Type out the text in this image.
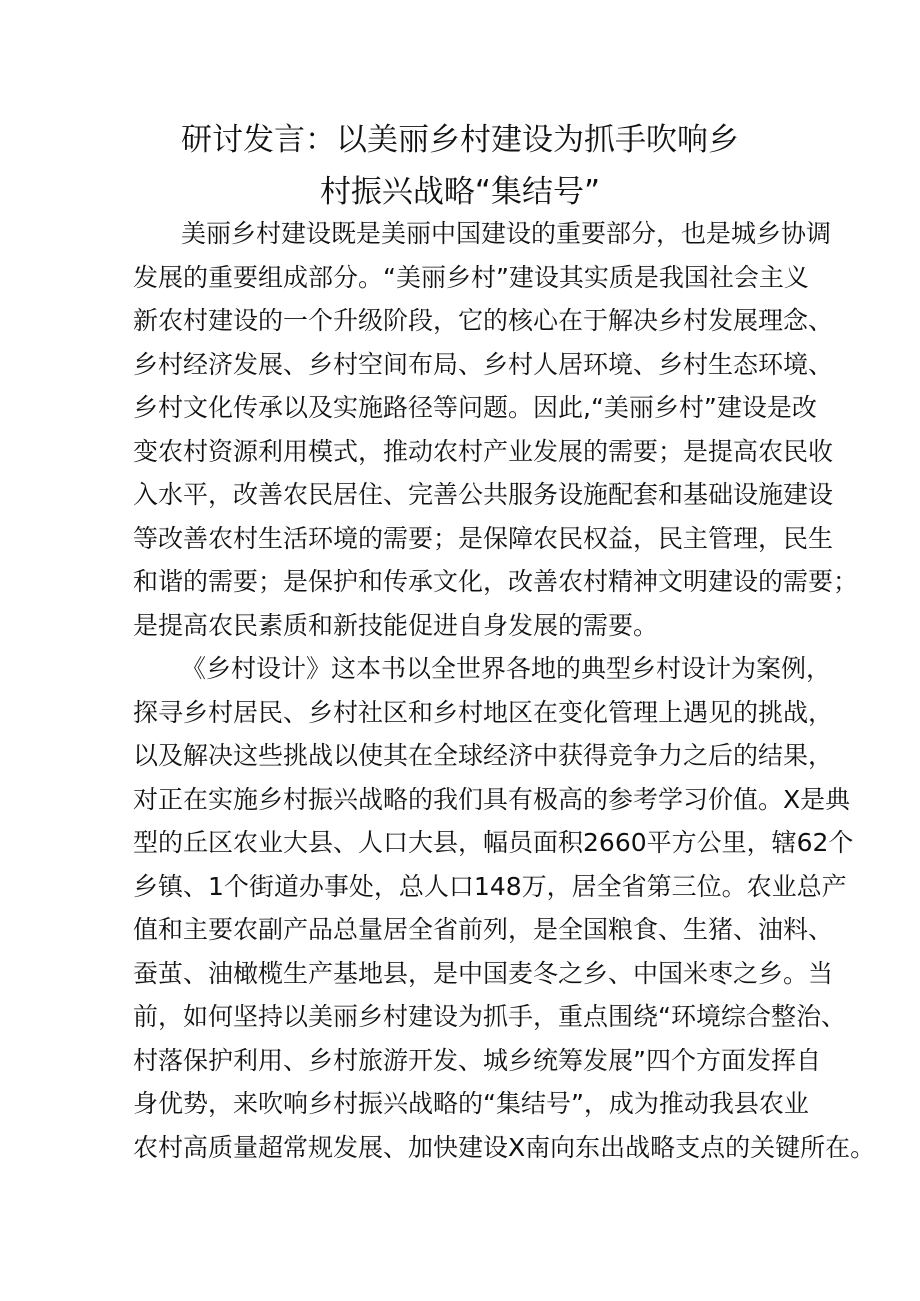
研讨发言：以美丽乡村建设为抓手吹响乡
村振兴战略“集结号”

美丽乡村建设既是美丽中国建设的重要部分，也是城乡协调
发展的重要组成部分。“美丽乡村”建设其实质是我国社会主义
新农村建设的一个升级阶段，它的核心在于解决乡村发展理念、
乡村经济发展、乡村空间布局、乡村人居环境、乡村生态环境、
乡村文化传承以及实施路径等问题。因此,“美丽乡村”建设是改
变农村资源利用模式，推动农村产业发展的需要；是提高农民收
入水平，改善农民居住、完善公共服务设施配套和基础设施建设
等改善农村生活环境的需要；是保障农民权益，民主管理，民生
和谐的需要；是保护和传承文化，改善农村精神文明建设的需要；
是提高农民素质和新技能促进自身发展的需要。

《乡村设计》这本书以全世界各地的典型乡村设计为案例，
探寻乡村居民、乡村社区和乡村地区在变化管理上遇见的挑战，
以及解决这些挑战以使其在全球经济中获得竞争力之后的结果，
对正在实施乡村振兴战略的我们具有极高的参考学习价值。X是典
型的丘区农业大县、人口大县，幅员面积2660平方公里，辖62个
乡镇、1个街道办事处，总人口148万，居全省第三位。农业总产
值和主要农副产品总量居全省前列，是全国粮食、生猪、油料、
蚕茧、油橄榄生产基地县，是中国麦冬之乡、中国米枣之乡。当
前，如何坚持以美丽乡村建设为抓手，重点围绕“环境综合整治、
村落保护利用、乡村旅游开发、城乡统筹发展”四个方面发挥自
身优势，来吹响乡村振兴战略的“集结号”，成为推动我县农业
农村高质量超常规发展、加快建设X南向东出战略支点的关键所在。
